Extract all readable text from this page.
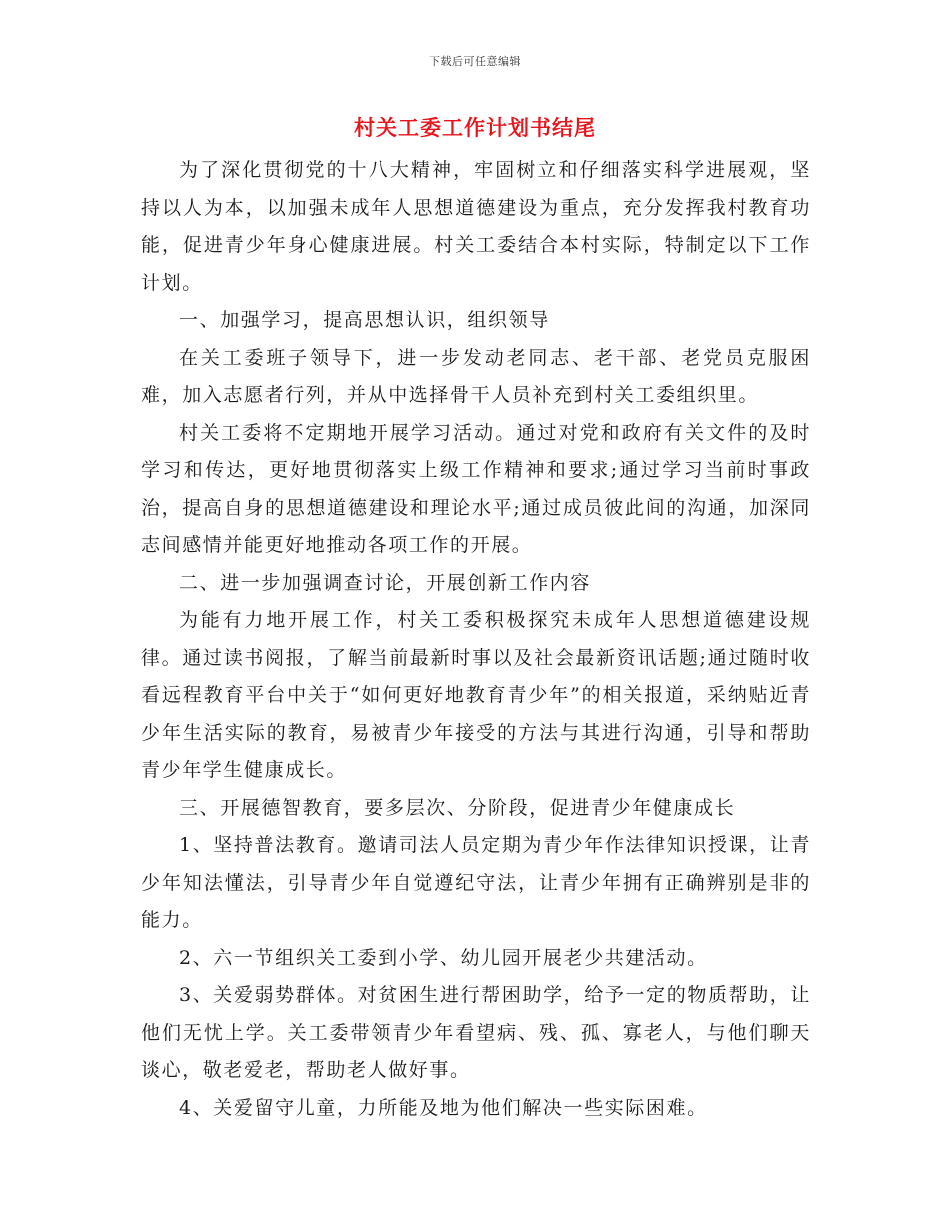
下载后可任意编辑
村关工委工作计划书结尾

为了深化贯彻党的十八大精神，牢固树立和仔细落实科学进展观，坚持以人为本，以加强未成年人思想道德建设为重点，充分发挥我村教育功能，促进青少年身心健康进展。村关工委结合本村实际，特制定以下工作计划。

一、加强学习，提高思想认识，组织领导

在关工委班子领导下，进一步发动老同志、老干部、老党员克服困难，加入志愿者行列，并从中选择骨干人员补充到村关工委组织里。

村关工委将不定期地开展学习活动。通过对党和政府有关文件的及时学习和传达，更好地贯彻落实上级工作精神和要求;通过学习当前时事政治，提高自身的思想道德建设和理论水平;通过成员彼此间的沟通，加深同志间感情并能更好地推动各项工作的开展。

二、进一步加强调查讨论，开展创新工作内容

为能有力地开展工作，村关工委积极探究未成年人思想道德建设规律。通过读书阅报，了解当前最新时事以及社会最新资讯话题;通过随时收看远程教育平台中关于“如何更好地教育青少年”的相关报道，采纳贴近青少年生活实际的教育，易被青少年接受的方法与其进行沟通，引导和帮助青少年学生健康成长。

三、开展德智教育，要多层次、分阶段，促进青少年健康成长

1、坚持普法教育。邀请司法人员定期为青少年作法律知识授课，让青少年知法懂法，引导青少年自觉遵纪守法，让青少年拥有正确辨别是非的能力。

2、六一节组织关工委到小学、幼儿园开展老少共建活动。

3、关爱弱势群体。对贫困生进行帮困助学，给予一定的物质帮助，让他们无忧上学。关工委带领青少年看望病、残、孤、寡老人，与他们聊天谈心，敬老爱老，帮助老人做好事。

4、关爱留守儿童，力所能及地为他们解决一些实际困难。
